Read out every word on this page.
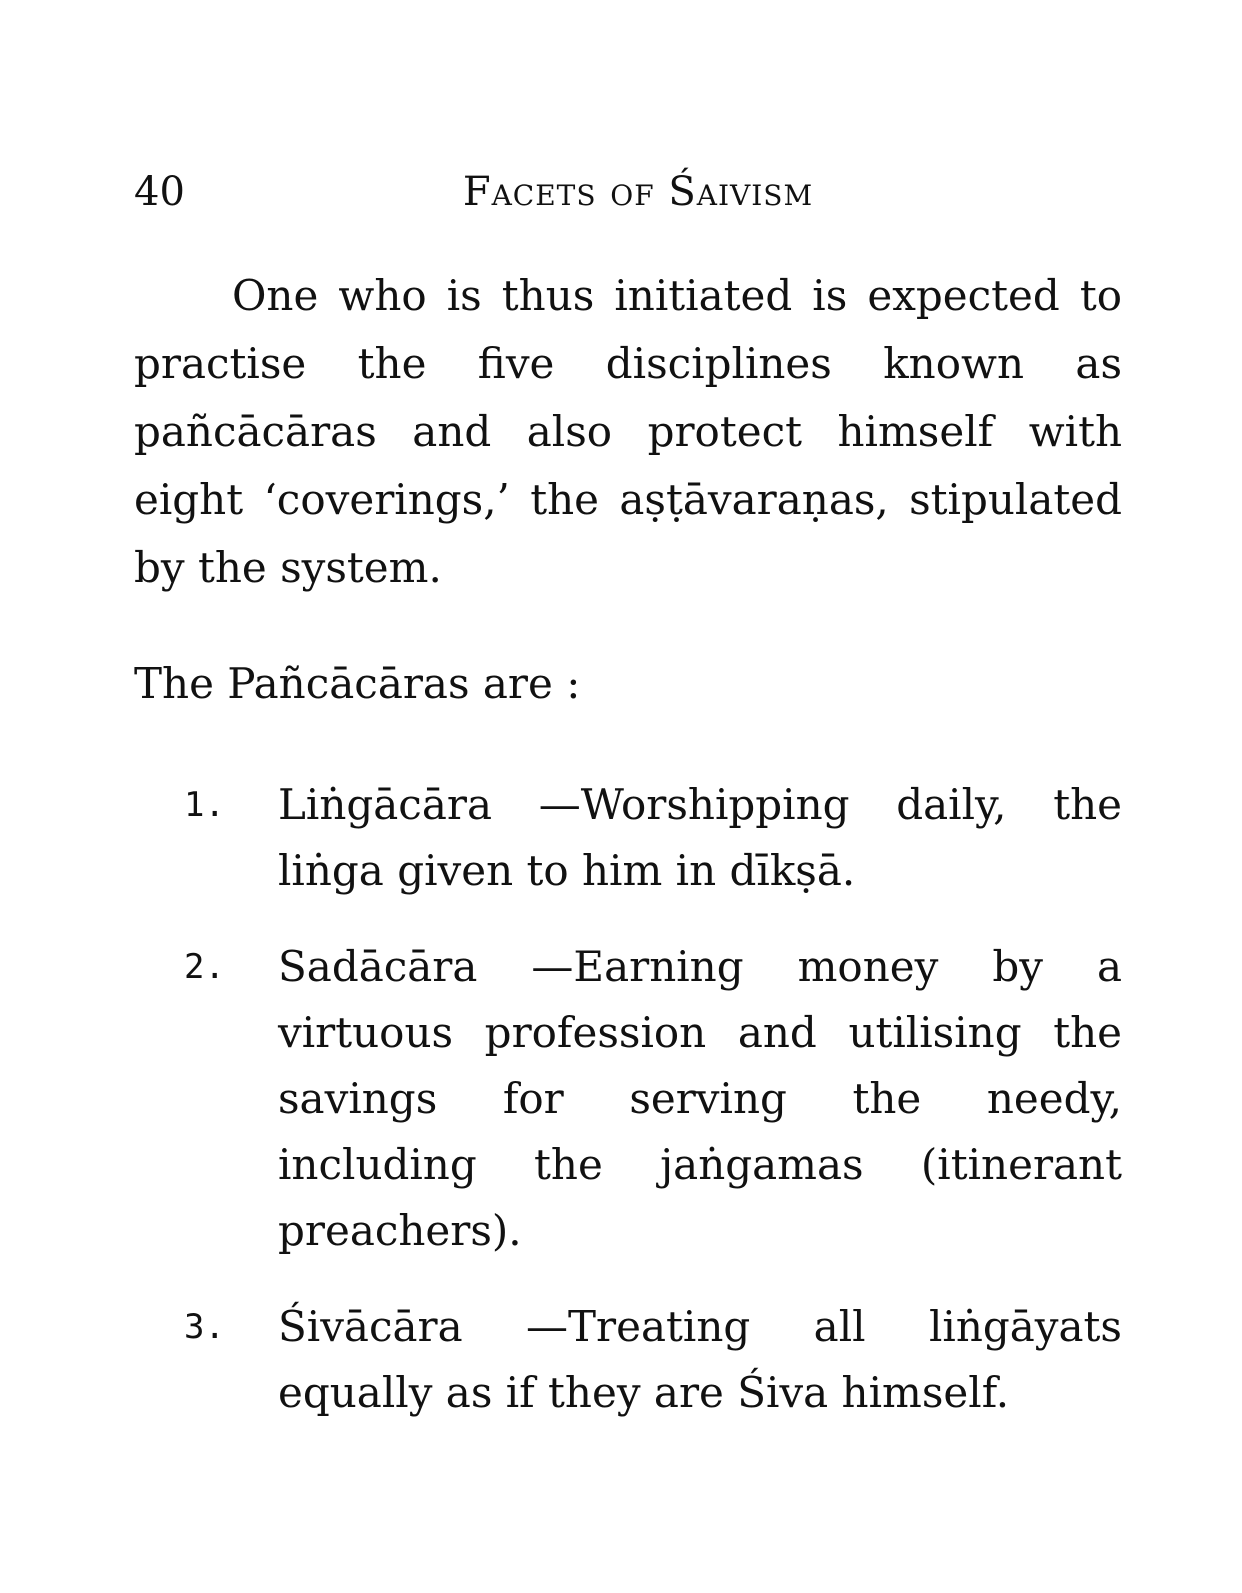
40	Facets of Śaivism

One who is thus initiated is expected to practise the five disciplines known as pañcācāras and also protect himself with eight ‘coverings,’ the aṣṭāvaraṇas, stipulated by the system.

The Pañcācāras are :

1. Liṅgācāra —Worshipping daily, the liṅga given to him in dīkṣā.
2. Sadācāra —Earning money by a virtuous profession and utilising the savings for serving the needy, including the jaṅgamas (itinerant preachers).
3. Śivācāra —Treating all liṅgāyats equally as if they are Śiva himself.
